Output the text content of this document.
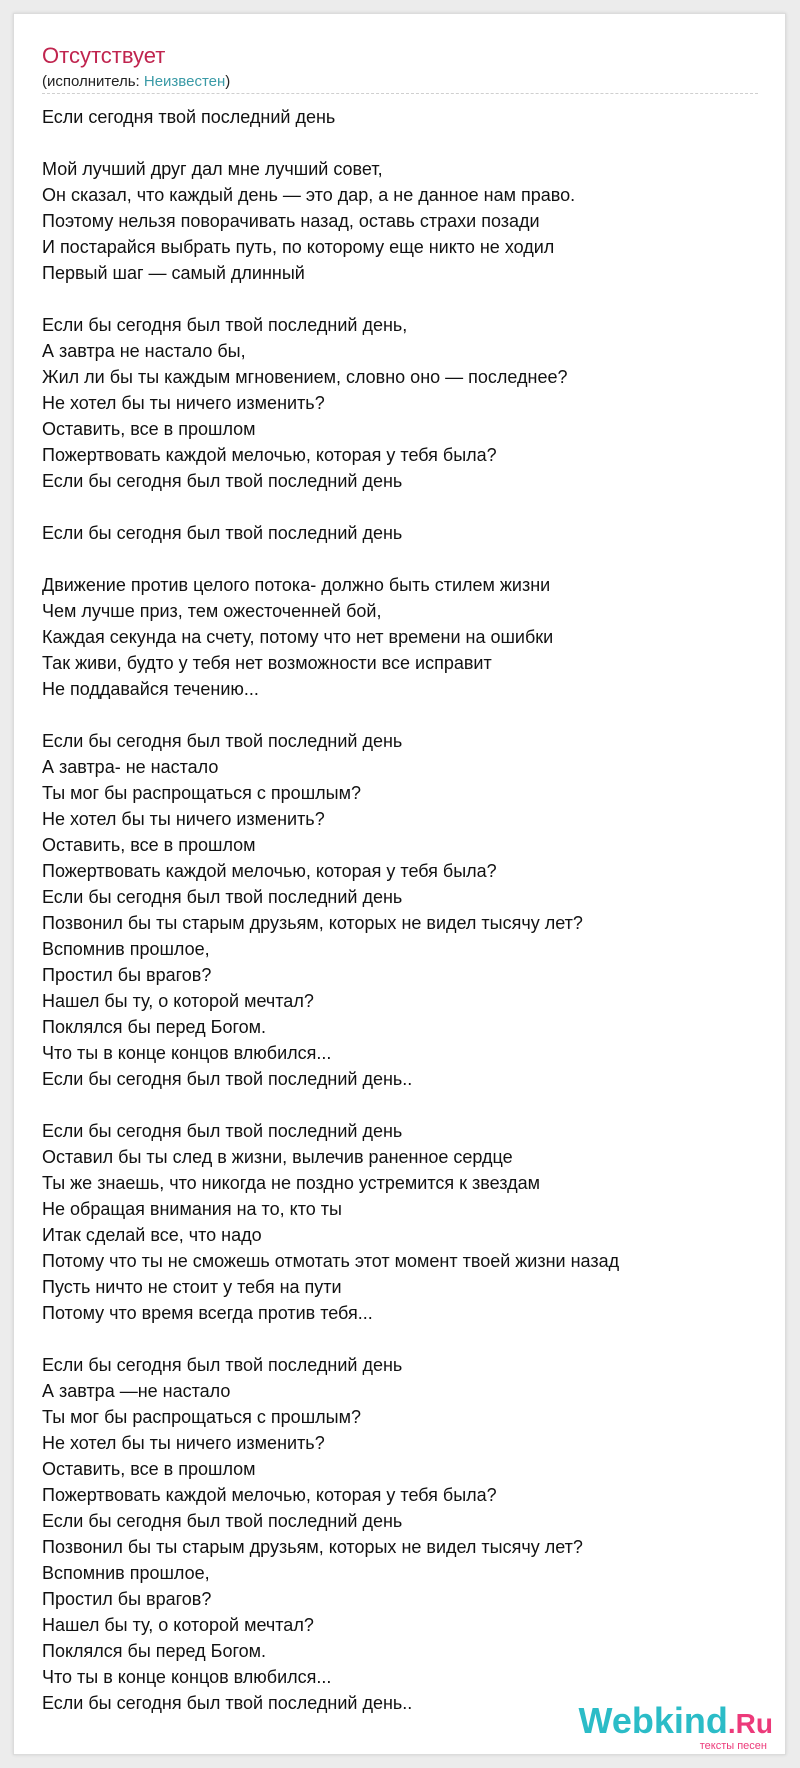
Отсутствует
(исполнитель: Неизвестен)
Если сегодня твой последний день
Мой лучший друг дал мне лучший совет,
Он сказал, что каждый день — это дар, а не данное нам право.
Поэтому нельзя поворачивать назад, оставь страхи позади
И постарайся выбрать путь, по которому еще никто не ходил
Первый шаг — самый длинный
Если бы сегодня был твой последний день,
А завтра не настало бы,
Жил ли бы ты каждым мгновением, словно оно — последнее?
Не хотел бы ты ничего изменить?
Оставить, все в прошлом
Пожертвовать каждой мелочью, которая у тебя была?
Если бы сегодня был твой последний день
Если бы сегодня был твой последний день
Движение против целого потока- должно быть стилем жизни
Чем лучше приз, тем ожесточенней бой,
Каждая секунда на счету, потому что нет времени на ошибки
Так живи, будто у тебя нет возможности все исправит
Не поддавайся течению...
Если бы сегодня был твой последний день
А завтра- не настало
Ты мог бы распрощаться с прошлым?
Не хотел бы ты ничего изменить?
Оставить, все в прошлом
Пожертвовать каждой мелочью, которая у тебя была?
Если бы сегодня был твой последний день
Позвонил бы ты старым друзьям, которых не видел тысячу лет?
Вспомнив прошлое,
Простил бы врагов?
Нашел бы ту, о которой мечтал?
Поклялся бы перед Богом.
Что ты в конце концов влюбился...
Если бы сегодня был твой последний день..
Если бы сегодня был твой последний день
Оставил бы ты след в жизни, вылечив раненное сердце
Ты же знаешь, что никогда не поздно устремится к звездам
Не обращая внимания на то, кто ты
Итак сделай все, что надо
Потому что ты не сможешь отмотать этот момент твоей жизни назад
Пусть ничто не стоит у тебя на пути
Потому что время всегда против тебя...
Если бы сегодня был твой последний день
А завтра —не настало
Ты мог бы распрощаться с прошлым?
Не хотел бы ты ничего изменить?
Оставить, все в прошлом
Пожертвовать каждой мелочью, которая у тебя была?
Если бы сегодня был твой последний день
Позвонил бы ты старым друзьям, которых не видел тысячу лет?
Вспомнив прошлое,
Простил бы врагов?
Нашел бы ту, о которой мечтал?
Поклялся бы перед Богом.
Что ты в конце концов влюбился...
Если бы сегодня был твой последний день..	Webkind.Ru
тексты песен
